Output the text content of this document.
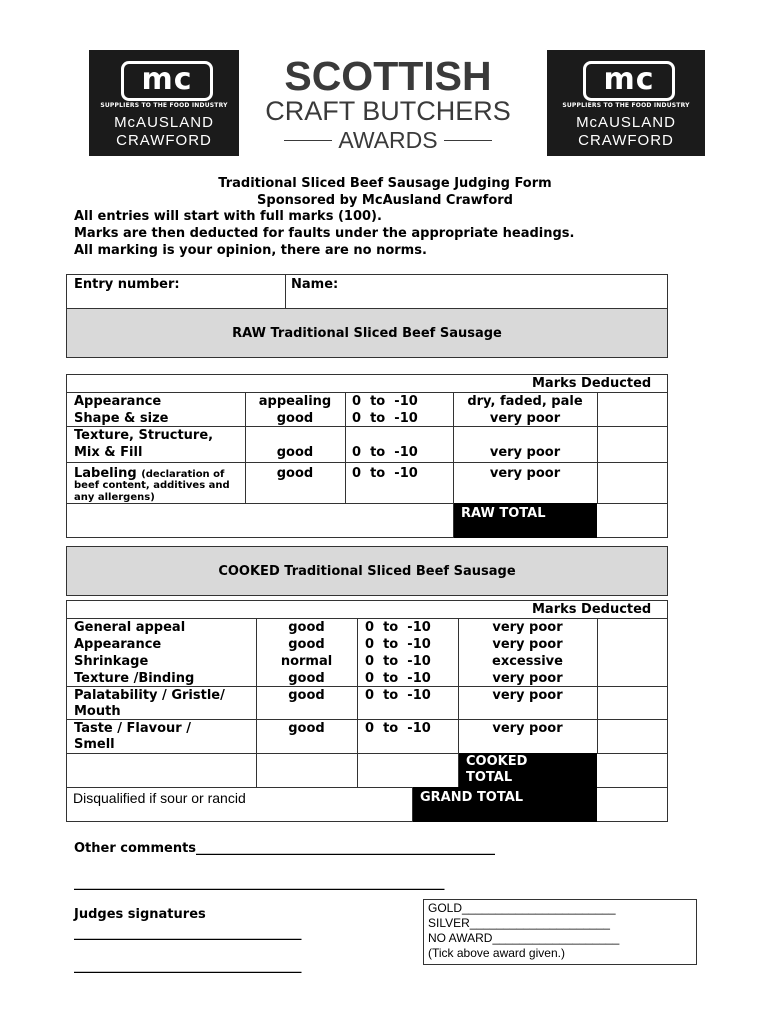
mc
SUPPLIERS TO THE FOOD INDUSTRY
McAUSLAND
CRAWFORD
SCOTTISH
CRAFT BUTCHERS
AWARDS
mc
SUPPLIERS TO THE FOOD INDUSTRY
McAUSLAND
CRAWFORD
Traditional Sliced Beef Sausage Judging Form
Sponsored by McAusland Crawford
All entries will start with full marks (100).
Marks are then deducted for faults under the appropriate headings.
All marking is your opinion, there are no norms.
Entry number:	Name:
RAW Traditional Sliced Beef Sausage
Marks Deducted
Appearance	appealing	0  to  -10	dry, faded, pale
Shape & size	good	0  to  -10	very poor
Texture, Structure,
Mix & Fill	good	0  to  -10	very poor
Labeling (declaration of
beef content, additives and
any allergens)
good	0  to  -10	very poor
RAW TOTAL
COOKED Traditional Sliced Beef Sausage
Marks Deducted
General appeal	good	0  to  -10	very poor
Appearance	good	0  to  -10	very poor
Shrinkage	normal	0  to  -10	excessive
Texture /Binding	good	0  to  -10	very poor
Palatability / Gristle/
Mouth
good	0  to  -10	very poor
Taste / Flavour /
Smell
good	0  to  -10	very poor
COOKED
TOTAL
Disqualified if sour or rancid	GRAND TOTAL
Other comments______________________________________________
_________________________________________________________
Judges signatures
___________________________________
___________________________________
GOLD_______________________
SILVER_____________________
NO AWARD___________________
(Tick above award given.)
